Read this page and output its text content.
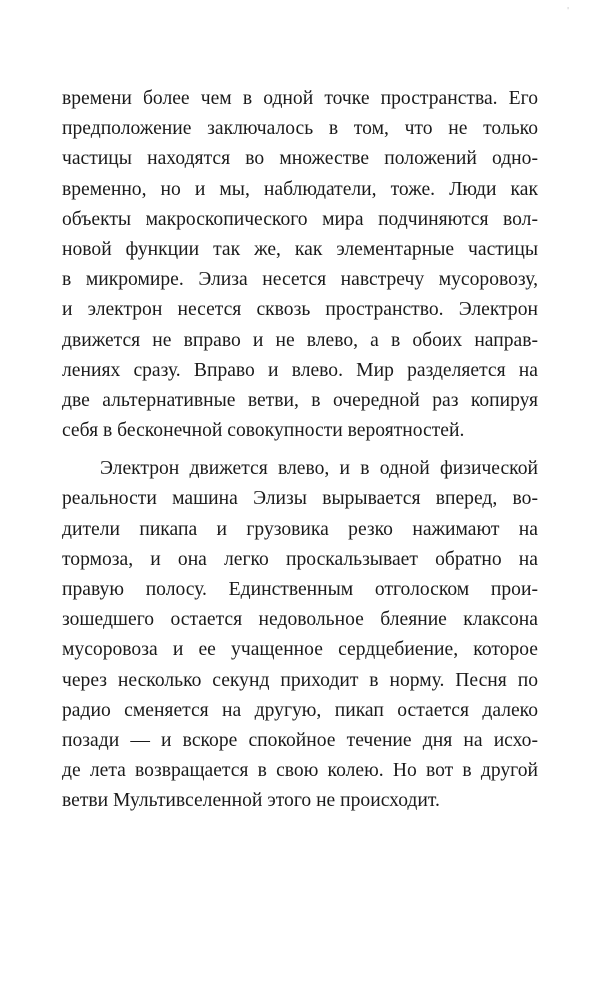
'
времени более чем в одной точке пространства. Его
предположение заключалось в том, что не только
частицы находятся во множестве положений одно-
временно, но и мы, наблюдатели, тоже. Люди как
объекты макроскопического мира подчиняются вол-
новой функции так же, как элементарные частицы
в микромире. Элиза несется навстречу мусоровозу,
и электрон несется сквозь пространство. Электрон
движется не вправо и не влево, а в обоих направ-
лениях сразу. Вправо и влево. Мир разделяется на
две альтернативные ветви, в очередной раз копируя
себя в бесконечной совокупности вероятностей.
Электрон движется влево, и в одной физической
реальности машина Элизы вырывается вперед, во-
дители пикапа и грузовика резко нажимают на
тормоза, и она легко проскальзывает обратно на
правую полосу. Единственным отголоском прои-
зошедшего остается недовольное блеяние клаксона
мусоровоза и ее учащенное сердцебиение, которое
через несколько секунд приходит в норму. Песня по
радио сменяется на другую, пикап остается далеко
позади — и вскоре спокойное течение дня на исхо-
де лета возвращается в свою колею. Но вот в другой
ветви Мультивселенной этого не происходит.
